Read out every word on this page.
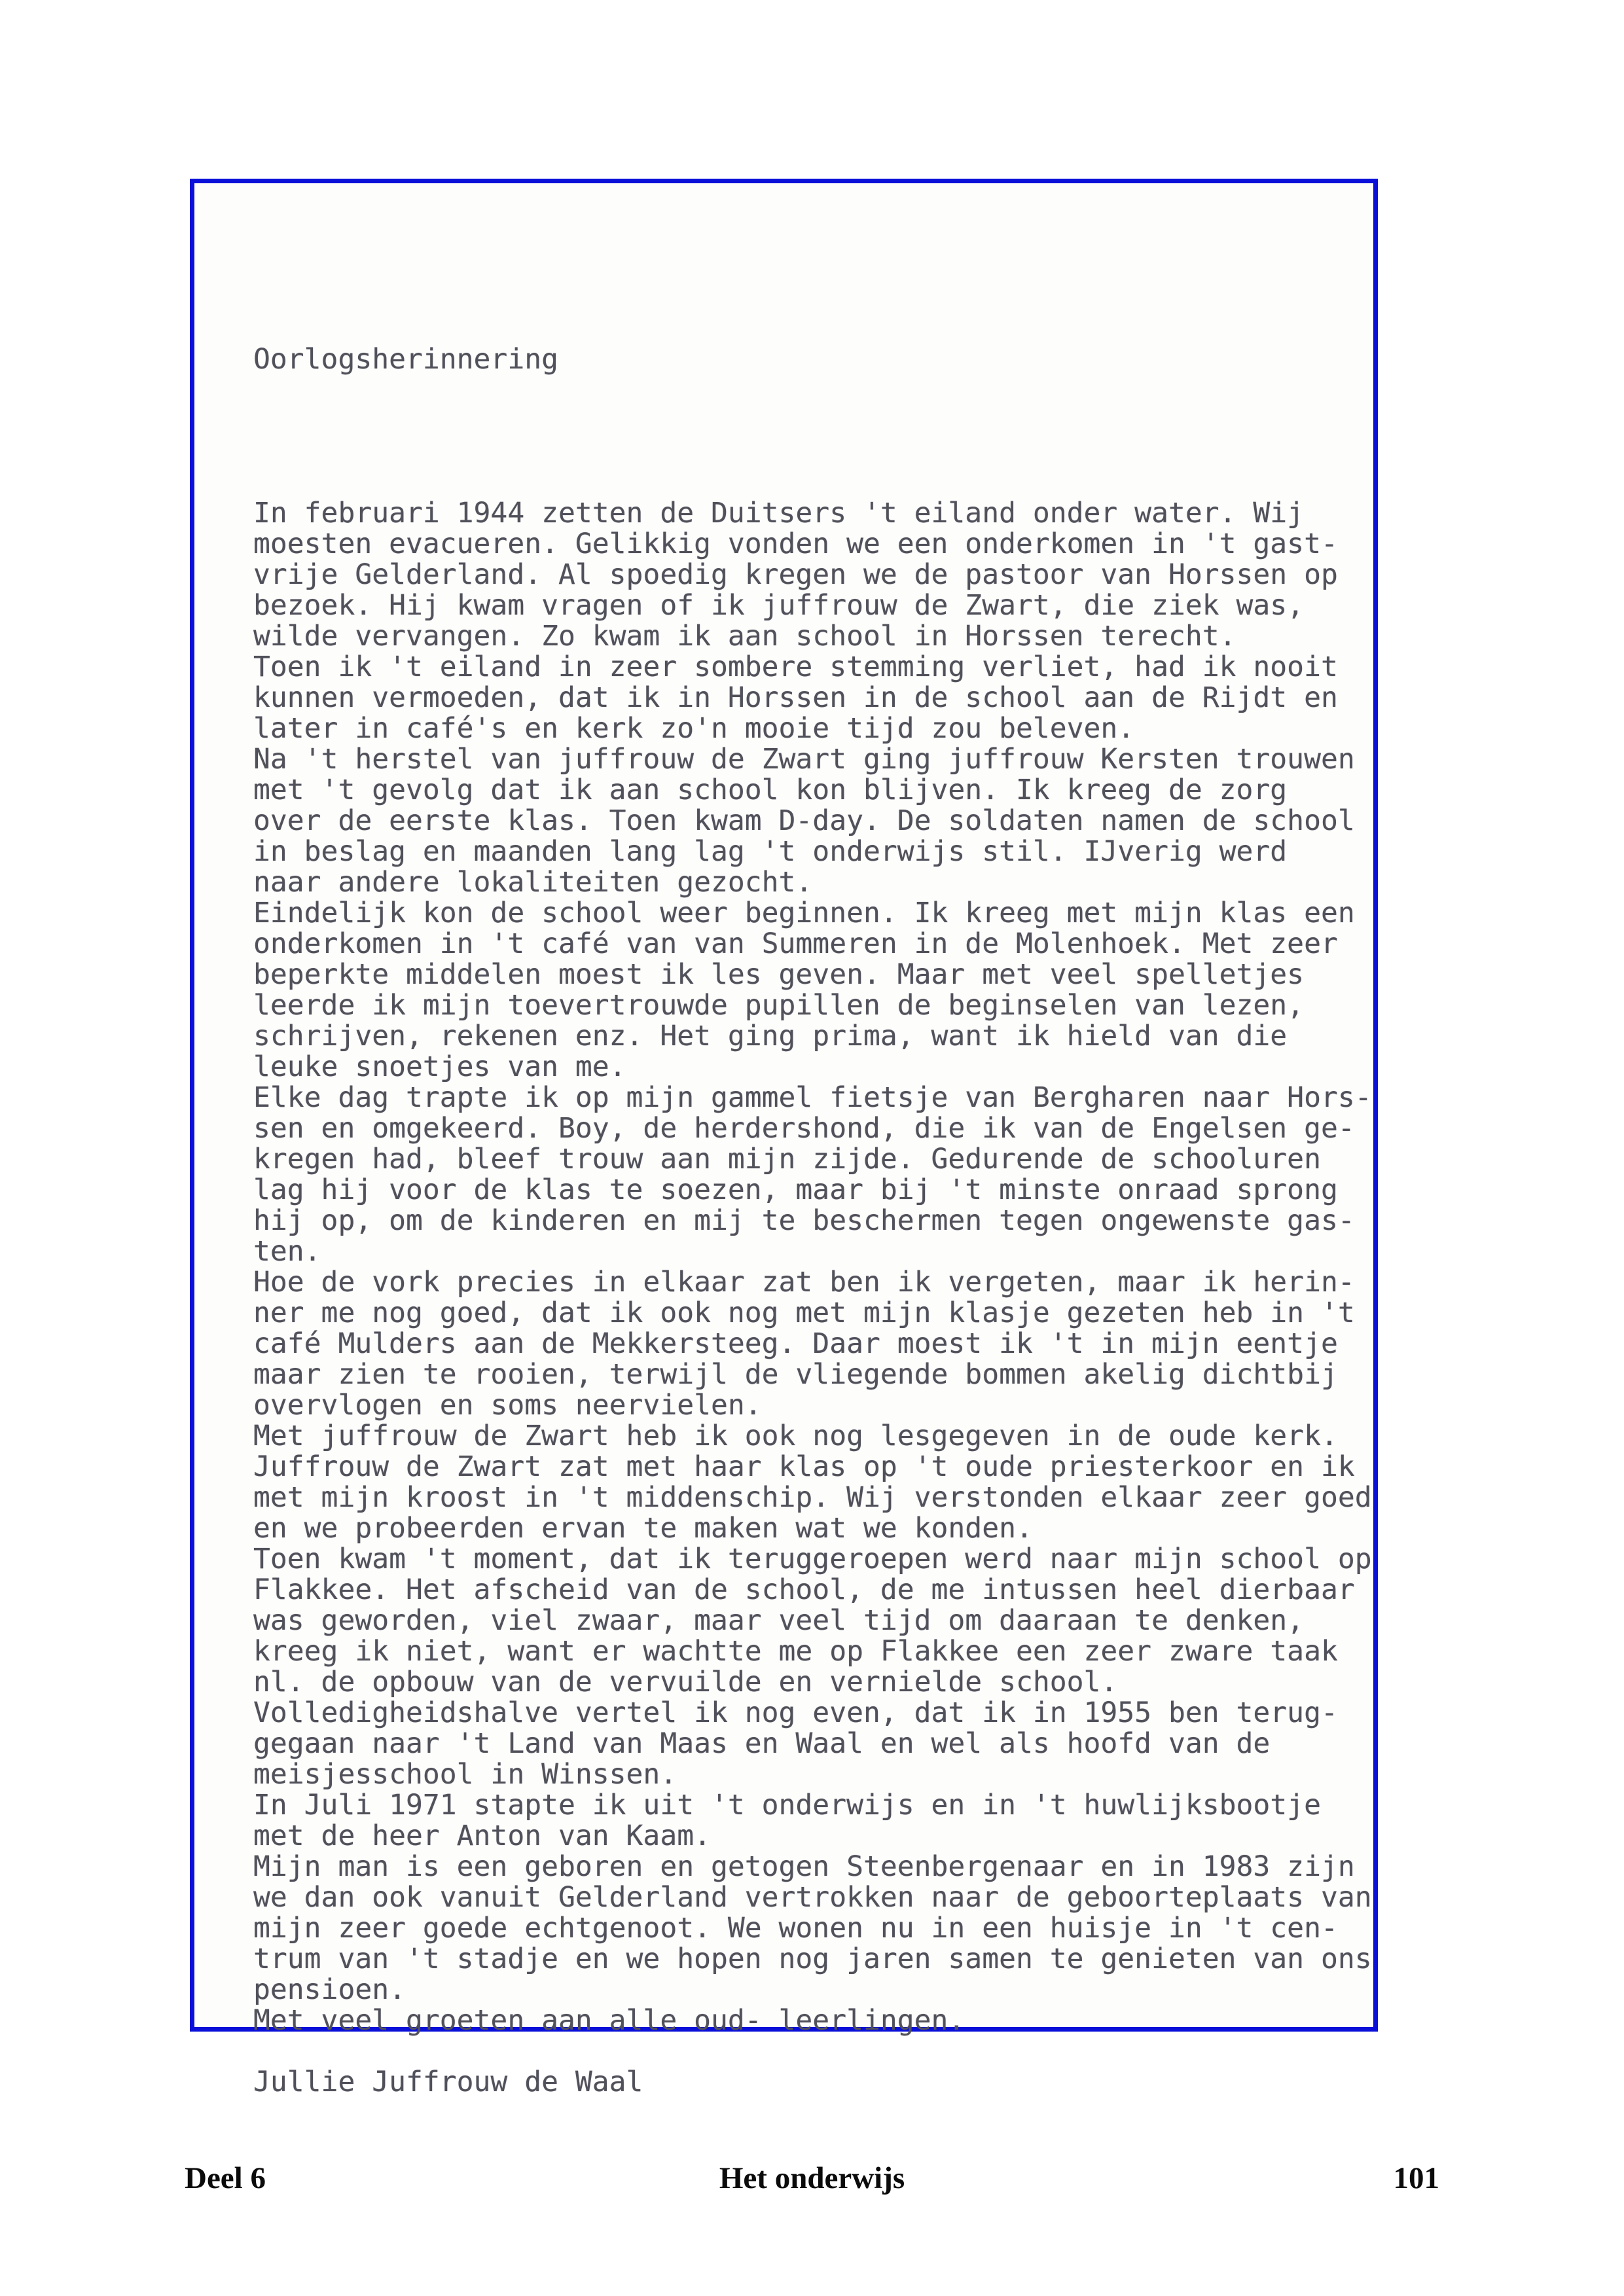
Oorlogsherinnering

In februari 1944 zetten de Duitsers 't eiland onder water. Wij
moesten evacueren. Gelikkig vonden we een onderkomen in 't gast-
vrije Gelderland. Al spoedig kregen we de pastoor van Horssen op
bezoek. Hij kwam vragen of ik juffrouw de Zwart, die ziek was,
wilde vervangen. Zo kwam ik aan school in Horssen terecht.
Toen ik 't eiland in zeer sombere stemming verliet, had ik nooit
kunnen vermoeden, dat ik in Horssen in de school aan de Rijdt en
later in café's en kerk zo'n mooie tijd zou beleven.
Na 't herstel van juffrouw de Zwart ging juffrouw Kersten trouwen
met 't gevolg dat ik aan school kon blijven. Ik kreeg de zorg
over de eerste klas. Toen kwam D-day. De soldaten namen de school
in beslag en maanden lang lag 't onderwijs stil. IJverig werd
naar andere lokaliteiten gezocht.
Eindelijk kon de school weer beginnen. Ik kreeg met mijn klas een
onderkomen in 't café van van Summeren in de Molenhoek. Met zeer
beperkte middelen moest ik les geven. Maar met veel spelletjes
leerde ik mijn toevertrouwde pupillen de beginselen van lezen,
schrijven, rekenen enz. Het ging prima, want ik hield van die
leuke snoetjes van me.
Elke dag trapte ik op mijn gammel fietsje van Bergharen naar Hors-
sen en omgekeerd. Boy, de herdershond, die ik van de Engelsen ge-
kregen had, bleef trouw aan mijn zijde. Gedurende de schooluren
lag hij voor de klas te soezen, maar bij 't minste onraad sprong
hij op, om de kinderen en mij te beschermen tegen ongewenste gas-
ten.
Hoe de vork precies in elkaar zat ben ik vergeten, maar ik herin-
ner me nog goed, dat ik ook nog met mijn klasje gezeten heb in 't
café Mulders aan de Mekkersteeg. Daar moest ik 't in mijn eentje
maar zien te rooien, terwijl de vliegende bommen akelig dichtbij
overvlogen en soms neervielen.
Met juffrouw de Zwart heb ik ook nog lesgegeven in de oude kerk.
Juffrouw de Zwart zat met haar klas op 't oude priesterkoor en ik
met mijn kroost in 't middenschip. Wij verstonden elkaar zeer goed
en we probeerden ervan te maken wat we konden.
Toen kwam 't moment, dat ik teruggeroepen werd naar mijn school op
Flakkee. Het afscheid van de school, de me intussen heel dierbaar
was geworden, viel zwaar, maar veel tijd om daaraan te denken,
kreeg ik niet, want er wachtte me op Flakkee een zeer zware taak
nl. de opbouw van de vervuilde en vernielde school.
Volledigheidshalve vertel ik nog even, dat ik in 1955 ben terug-
gegaan naar 't Land van Maas en Waal en wel als hoofd van de
meisjesschool in Winssen.
In Juli 1971 stapte ik uit 't onderwijs en in 't huwlijksbootje
met de heer Anton van Kaam.
Mijn man is een geboren en getogen Steenbergenaar en in 1983 zijn
we dan ook vanuit Gelderland vertrokken naar de geboorteplaats van
mijn zeer goede echtgenoot. We wonen nu in een huisje in 't cen-
trum van 't stadje en we hopen nog jaren samen te genieten van ons
pensioen.
Met veel groeten aan alle oud- leerlingen.

Jullie Juffrouw de Waal

Deel 6	Het onderwijs	101
